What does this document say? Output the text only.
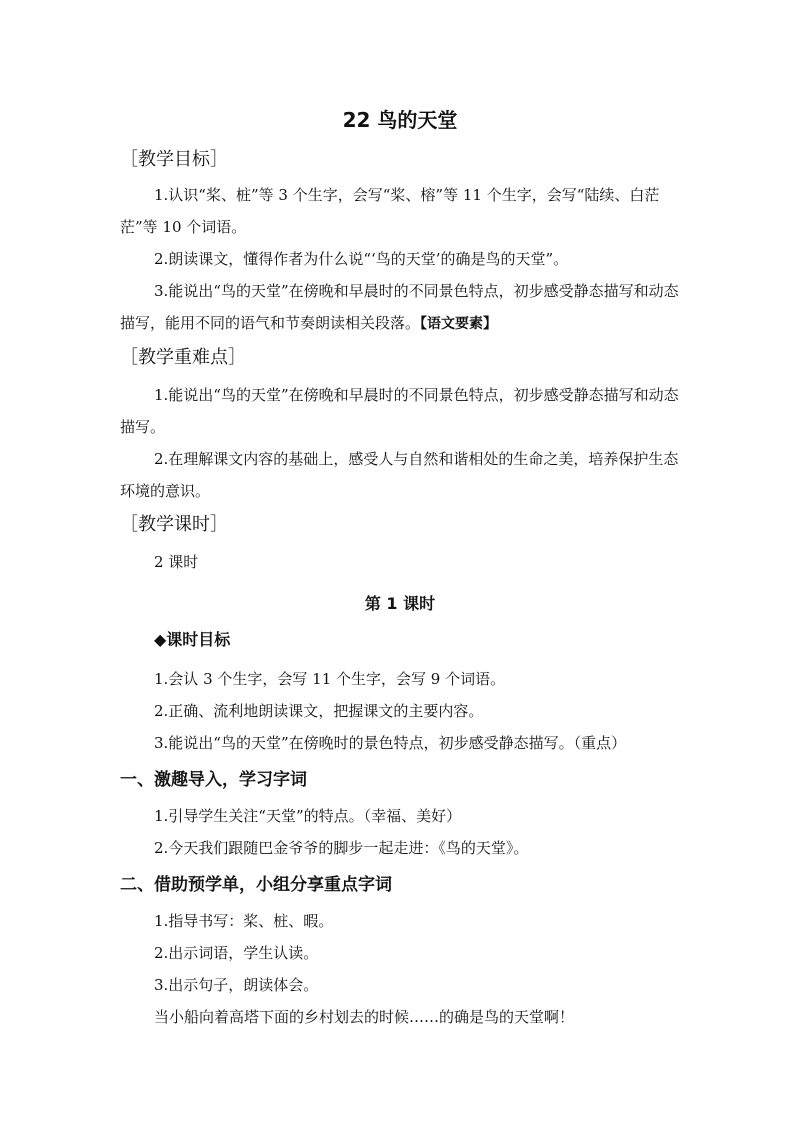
22 鸟的天堂
［教学目标］

1.认识“桨、桩”等 3 个生字，会写“桨、榕”等 11 个生字，会写“陆续、白茫茫”等 10 个词语。

2.朗读课文，懂得作者为什么说“‘鸟的天堂’的确是鸟的天堂”。

3.能说出“鸟的天堂”在傍晚和早晨时的不同景色特点，初步感受静态描写和动态描写，能用不同的语气和节奏朗读相关段落。【语文要素】

［教学重难点］

1.能说出“鸟的天堂”在傍晚和早晨时的不同景色特点，初步感受静态描写和动态描写。

2.在理解课文内容的基础上，感受人与自然和谐相处的生命之美，培养保护生态环境的意识。

［教学课时］

2 课时

第 1 课时
◆课时目标

1.会认 3 个生字，会写 11 个生字，会写 9 个词语。

2.正确、流利地朗读课文，把握课文的主要内容。

3.能说出“鸟的天堂”在傍晚时的景色特点，初步感受静态描写。（重点）

一、激趣导入，学习字词

1.引导学生关注“天堂”的特点。（幸福、美好）

2.今天我们跟随巴金爷爷的脚步一起走进：《鸟的天堂》。

二、借助预学单，小组分享重点字词

1.指导书写：桨、桩、暇。

2.出示词语，学生认读。

3.出示句子，朗读体会。

当小船向着高塔下面的乡村划去的时候……的确是鸟的天堂啊！
